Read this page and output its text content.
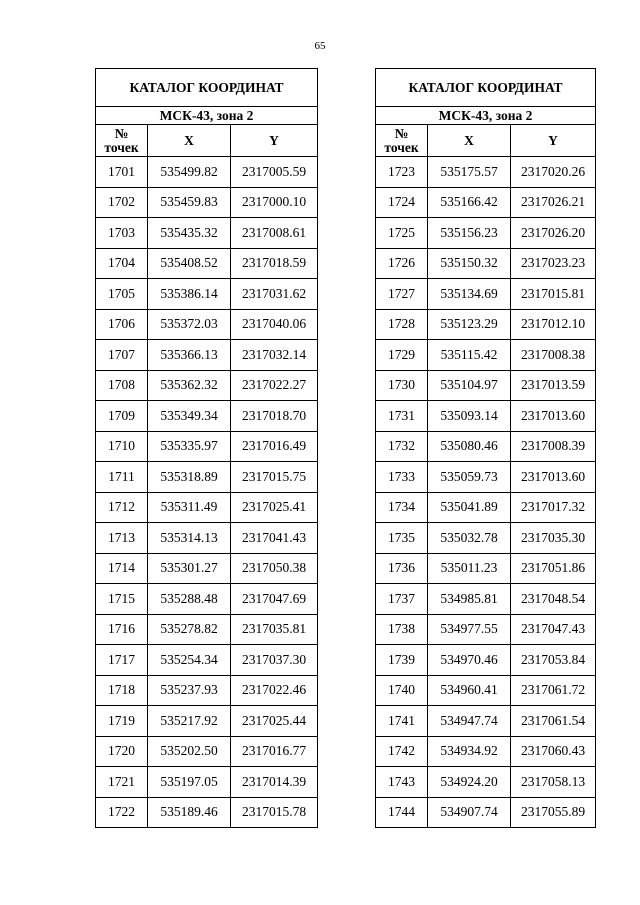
65
КАТАЛОГ КООРДИНАТ		
МСК-43, зона 2		

№
точек	X	Y
1701	535499.82	2317005.59
1702	535459.83	2317000.10
1703	535435.32	2317008.61
1704	535408.52	2317018.59
1705	535386.14	2317031.62
1706	535372.03	2317040.06
1707	535366.13	2317032.14
1708	535362.32	2317022.27
1709	535349.34	2317018.70
1710	535335.97	2317016.49
1711	535318.89	2317015.75
1712	535311.49	2317025.41
1713	535314.13	2317041.43
1714	535301.27	2317050.38
1715	535288.48	2317047.69
1716	535278.82	2317035.81
1717	535254.34	2317037.30
1718	535237.93	2317022.46
1719	535217.92	2317025.44
1720	535202.50	2317016.77
1721	535197.05	2317014.39
1722	535189.46	2317015.78
КАТАЛОГ КООРДИНАТ		
МСК-43, зона 2		

№
точек	X	Y
1723	535175.57	2317020.26
1724	535166.42	2317026.21
1725	535156.23	2317026.20
1726	535150.32	2317023.23
1727	535134.69	2317015.81
1728	535123.29	2317012.10
1729	535115.42	2317008.38
1730	535104.97	2317013.59
1731	535093.14	2317013.60
1732	535080.46	2317008.39
1733	535059.73	2317013.60
1734	535041.89	2317017.32
1735	535032.78	2317035.30
1736	535011.23	2317051.86
1737	534985.81	2317048.54
1738	534977.55	2317047.43
1739	534970.46	2317053.84
1740	534960.41	2317061.72
1741	534947.74	2317061.54
1742	534934.92	2317060.43
1743	534924.20	2317058.13
1744	534907.74	2317055.89
